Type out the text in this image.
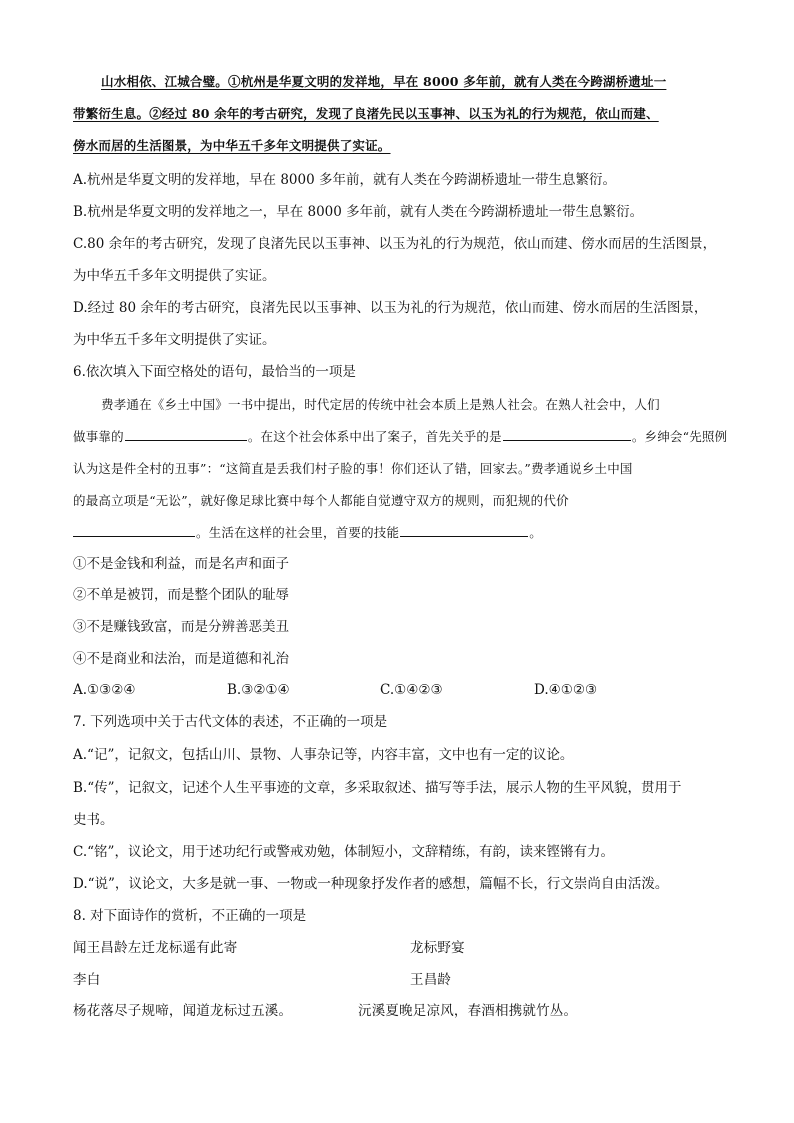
山水相依、江城合璧。①杭州是华夏文明的发祥地，早在 8000 多年前，就有人类在今跨湖桥遗址一
带繁衍生息。②经过 80 余年的考古研究，发现了良渚先民以玉事神、以玉为礼的行为规范，依山而建、
傍水而居的生活图景，为中华五千多年文明提供了实证。
A.杭州是华夏文明的发祥地，早在 8000 多年前，就有人类在今跨湖桥遗址一带生息繁衍。
B.杭州是华夏文明的发祥地之一，早在 8000 多年前，就有人类在今跨湖桥遗址一带生息繁衍。
C.80 余年的考古研究，发现了良渚先民以玉事神、以玉为礼的行为规范，依山而建、傍水而居的生活图景，
为中华五千多年文明提供了实证。
D.经过 80 余年的考古研究，良渚先民以玉事神、以玉为礼的行为规范，依山而建、傍水而居的生活图景，
为中华五千多年文明提供了实证。
6.依次填入下面空格处的语句，最恰当的一项是
费孝通在《乡土中国》一书中提出，时代定居的传统中社会本质上是熟人社会。在熟人社会中，人们
做事靠的	。在这个社会体系中出了案子，首先关乎的是	。乡绅会“先照例
认为这是件全村的丑事”：“这简直是丢我们村子脸的事！你们还认了错，回家去。”费孝通说乡土中国
的最高立项是“无讼”，就好像足球比赛中每个人都能自觉遵守双方的规则，而犯规的代价
。生活在这样的社会里，首要的技能	。
①不是金钱和利益，而是名声和面子
②不单是被罚，而是整个团队的耻辱
③不是赚钱致富，而是分辨善恶美丑
④不是商业和法治，而是道德和礼治
A.①③②④	B.③②①④	C.①④②③	D.④①②③
7. 下列选项中关于古代文体的表述，不正确的一项是
A.“记”，记叙文，包括山川、景物、人事杂记等，内容丰富，文中也有一定的议论。
B.“传”，记叙文，记述个人生平事迹的文章，多采取叙述、描写等手法，展示人物的生平风貌，贯用于
史书。
C.“铭”，议论文，用于述功纪行或警戒劝勉，体制短小，文辞精练，有韵，读来铿锵有力。
D.“说”，议论文，大多是就一事、一物或一种现象抒发作者的感想，篇幅不长，行文崇尚自由活泼。
8. 对下面诗作的赏析，不正确的一项是
闻王昌龄左迁龙标遥有此寄	龙标野宴
李白	王昌龄
杨花落尽子规啼，闻道龙标过五溪。	沅溪夏晚足凉风，春酒相携就竹丛。
